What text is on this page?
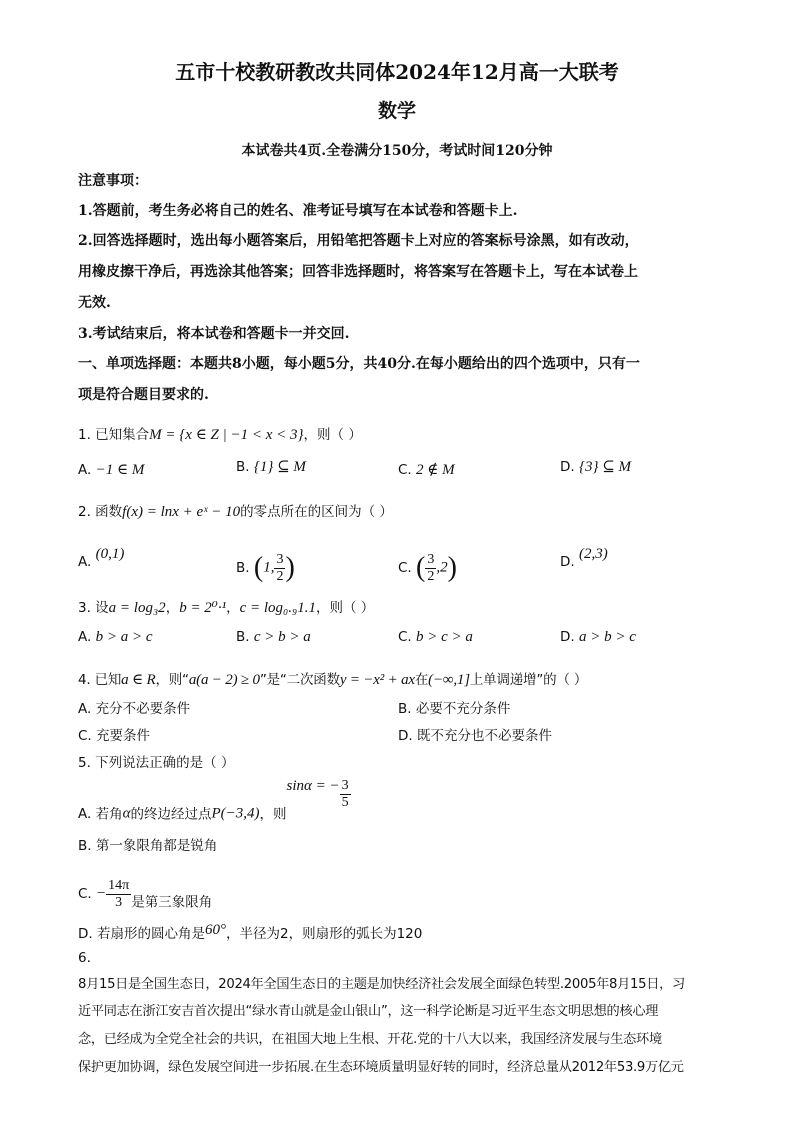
五市十校教研教改共同体2024年12月高一大联考
数学
本试卷共4页.全卷满分150分，考试时间120分钟
注意事项：
1.答题前，考生务必将自己的姓名、准考证号填写在本试卷和答题卡上.
2.回答选择题时，选出每小题答案后，用铅笔把答题卡上对应的答案标号涂黑，如有改动，
用橡皮擦干净后，再选涂其他答案；回答非选择题时，将答案写在答题卡上，写在本试卷上
无效.
3.考试结束后，将本试卷和答题卡一并交回.
一、单项选择题：本题共8小题，每小题5分，共40分.在每小题给出的四个选项中，只有一
项是符合题目要求的.
1. 已知集合M = {x ∈ Z | −1 < x < 3}，则（ ）
A. −1 ∈ M	B. {1} ⊆ M	C. 2 ∉ M	D. {3} ⊆ M
2. 函数f(x) = lnx + eˣ − 10的零点所在的区间为（ ）
A. (0,1)
B. (1, $\frac{3}{2}$ )	C. ( $\frac{3}{2} ,2$)	D. (2,3)
3. 设a = log₃2，b = 2⁰·¹，c = log₀.₉1.1，则（ ）
A. b > a > c	B. c > b > a	C. b > c > a	D. a > b > c
4. 已知a ∈ R，则“a(a − 2) ≥ 0”是“二次函数y = −x² + ax在(−∞,1]上单调递增”的（ ）
A. 充分不必要条件	B. 必要不充分条件
C. 充要条件	D. 既不充分也不必要条件
5. 下列说法正确的是（ ）
A. 若角α的终边经过点P(−3,4)，则sinα = − $\frac{3}{5}$
B. 第一象限角都是锐角
C. − $\frac{14\pi}{3}$ 是第三象限角
D. 若扇形的圆心角是60°，半径为2，则扇形的弧长为120
6.
8月15日是全国生态日，2024年全国生态日的主题是加快经济社会发展全面绿色转型.2005年8月15日，习
近平同志在浙江安吉首次提出“绿水青山就是金山银山”，这一科学论断是习近平生态文明思想的核心理
念，已经成为全党全社会的共识，在祖国大地上生根、开花.党的十八大以来，我国经济发展与生态环境
保护更加协调，绿色发展空间进一步拓展.在生态环境质量明显好转的同时，经济总量从2012年53.9万亿元
